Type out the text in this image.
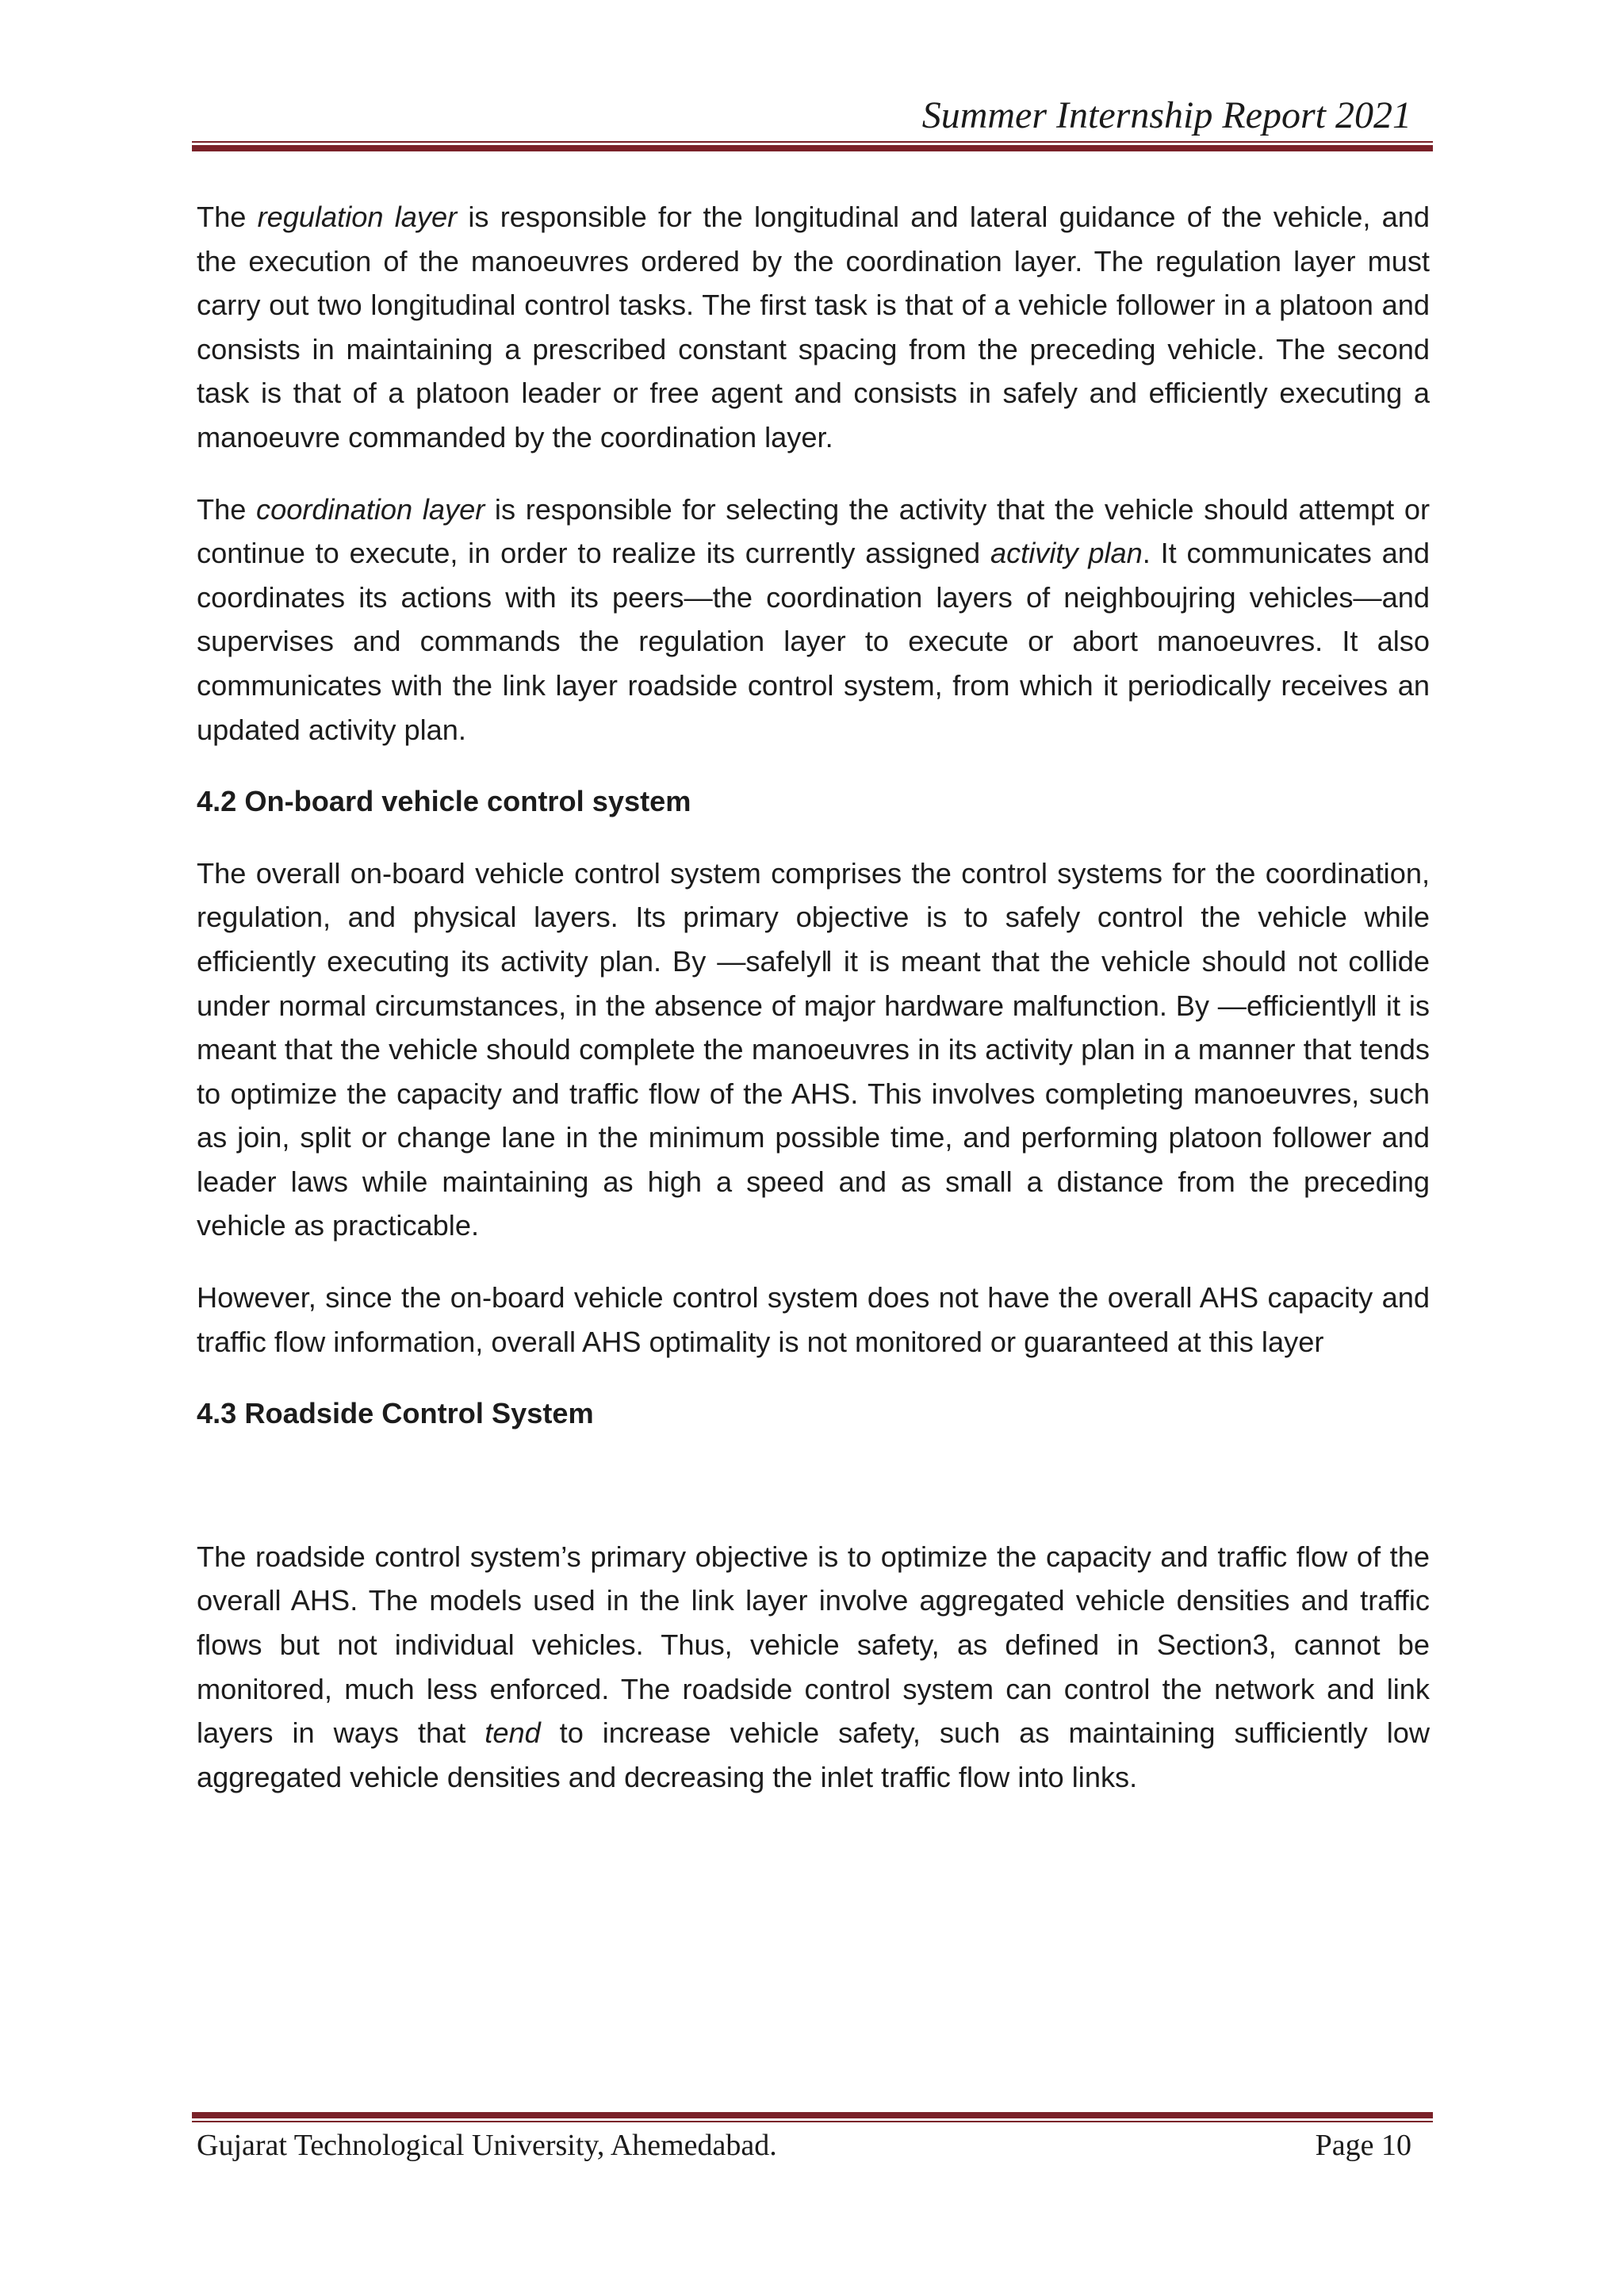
Summer Internship Report 2021

The regulation layer is responsible for the longitudinal and lateral guidance of the vehicle, and the execution of the manoeuvres ordered by the coordination layer. The regulation layer must carry out two longitudinal control tasks. The first task is that of a vehicle follower in a platoon and consists in maintaining a prescribed constant spacing from the preceding vehicle. The second task is that of a platoon leader or free agent and consists in safely and efficiently executing a manoeuvre commanded by the coordination layer.

The coordination layer is responsible for selecting the activity that the vehicle should attempt or continue to execute, in order to realize its currently assigned activity plan. It communicates and coordinates its actions with its peers—the coordination layers of neighboujring vehicles—and supervises and commands the regulation layer to execute or abort manoeuvres. It also communicates with the link layer roadside control system, from which it periodically receives an updated activity plan.

4.2 On-board vehicle control system

The overall on-board vehicle control system comprises the control systems for the coordination, regulation, and physical layers. Its primary objective is to safely control the vehicle while efficiently executing its activity plan. By ―safely‖ it is meant that the vehicle should not collide under normal circumstances, in the absence of major hardware malfunction. By ―efficiently‖ it is meant that the vehicle should complete the manoeuvres in its activity plan in a manner that tends to optimize the capacity and traffic flow of the AHS. This involves completing manoeuvres, such as join, split or change lane in the minimum possible time, and performing platoon follower and leader laws while maintaining as high a speed and as small a distance from the preceding vehicle as practicable.

However, since the on-board vehicle control system does not have the overall AHS capacity and traffic flow information, overall AHS optimality is not monitored or guaranteed at this layer

4.3 Roadside Control System

The roadside control system’s primary objective is to optimize the capacity and traffic flow of the overall AHS. The models used in the link layer involve aggregated vehicle densities and traffic flows but not individual vehicles. Thus, vehicle safety, as defined in Section3, cannot be monitored, much less enforced. The roadside control system can control the network and link layers in ways that tend to increase vehicle safety, such as maintaining sufficiently low aggregated vehicle densities and decreasing the inlet traffic flow into links.

Gujarat Technological University, Ahemedabad.	Page 10
